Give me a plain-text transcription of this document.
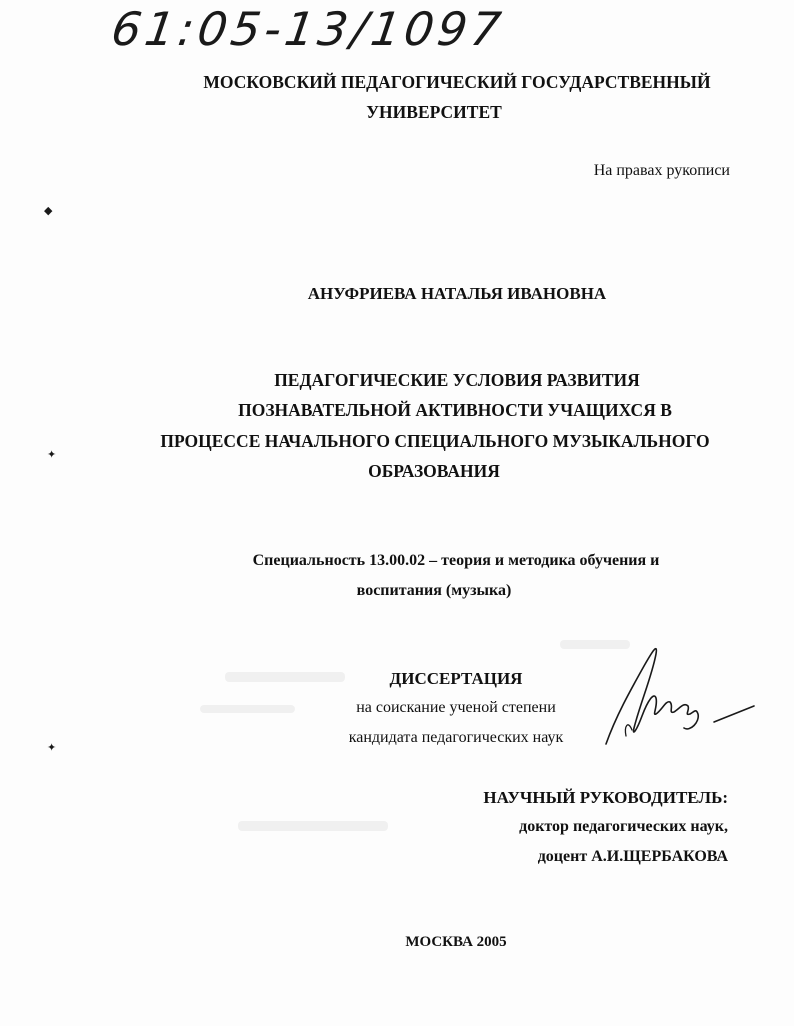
61:05-13/1097
МОСКОВСКИЙ ПЕДАГОГИЧЕСКИЙ ГОСУДАРСТВЕННЫЙ
УНИВЕРСИТЕТ
На правах рукописи
АНУФРИЕВА НАТАЛЬЯ ИВАНОВНА
ПЕДАГОГИЧЕСКИЕ УСЛОВИЯ РАЗВИТИЯ
ПОЗНАВАТЕЛЬНОЙ АКТИВНОСТИ УЧАЩИХСЯ В
ПРОЦЕССЕ НАЧАЛЬНОГО СПЕЦИАЛЬНОГО МУЗЫКАЛЬНОГО
ОБРАЗОВАНИЯ
Специальность 13.00.02 – теория и методика обучения и
воспитания (музыка)
ДИССЕРТАЦИЯ
на соискание ученой степени
кандидата педагогических наук
НАУЧНЫЙ РУКОВОДИТЕЛЬ:
доктор педагогических наук,
доцент А.И.ЩЕРБАКОВА
МОСКВА 2005
◆
✦
✦
